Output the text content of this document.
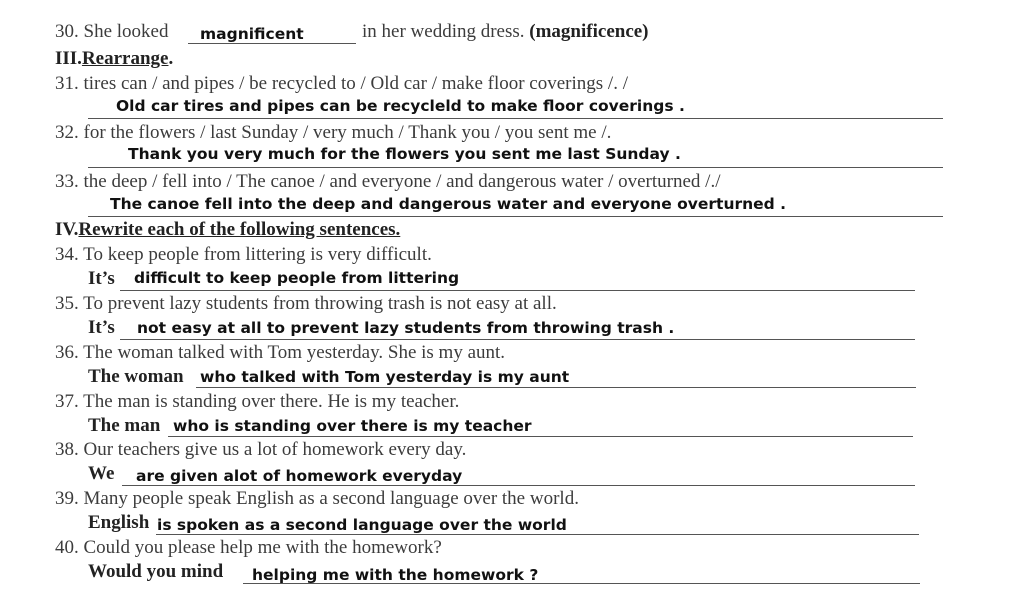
30. She looked magnificent	in her wedding dress. (magnificence)
III.Rearrange.
31. tires can / and pipes / be recycled to / Old car / make floor coverings /. /
Old car tires and pipes can be recycleld to make floor coverings .
32. for the flowers / last Sunday / very much / Thank you / you sent me /.
Thank you very much for the flowers you sent me last Sunday .
33. the deep / fell into / The canoe / and everyone / and dangerous water / overturned /./
The canoe fell into the deep and dangerous water and everyone overturned .
IV.Rewrite each of the following sentences.
34. To keep people from littering is very difficult.
It’s difficult to keep people from littering
35. To prevent lazy students from throwing trash is not easy at all.
It’s not easy at all to prevent lazy students from throwing trash .
36. The woman talked with Tom yesterday. She is my aunt.
The woman who talked with Tom yesterday is my aunt
37. The man is standing over there. He is my teacher.
The man who is standing over there is my teacher
38. Our teachers give us a lot of homework every day.
We are given alot of homework everyday
39. Many people speak English as a second language over the world.
English is spoken as a second language over the world
40. Could you please help me with the homework?
Would you mind helping me with the homework ?
